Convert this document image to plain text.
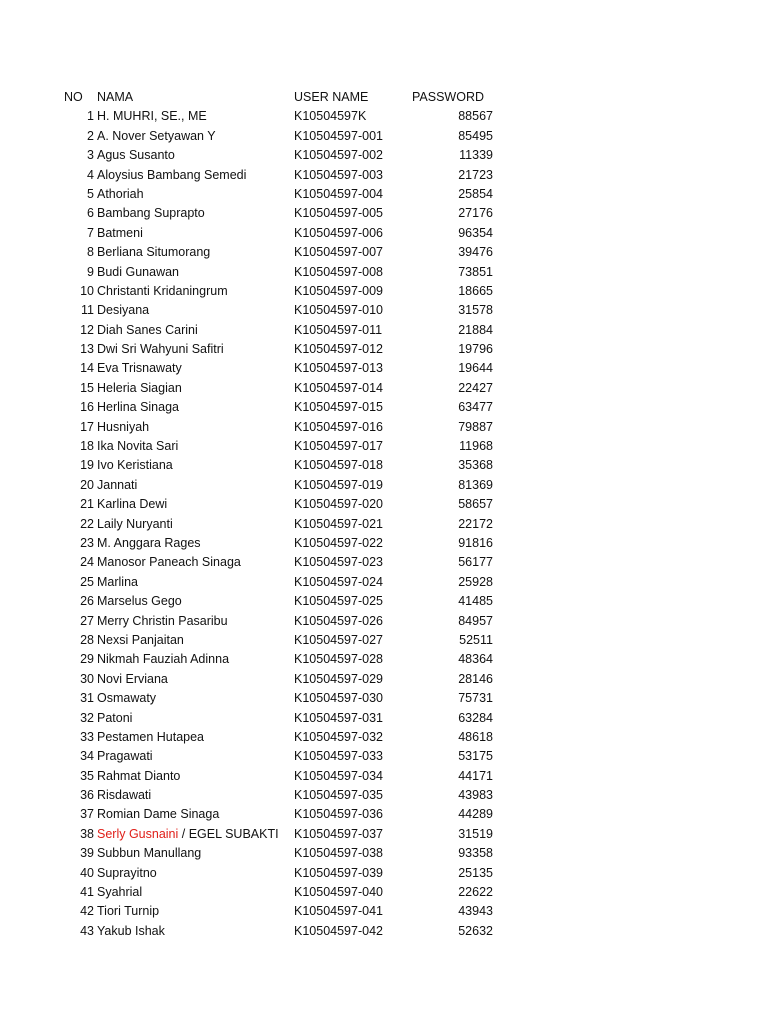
NO NAMA	USER NAME	PASSWORD
1 H. MUHRI, SE., ME	K10504597K	88567
2 A. Nover Setyawan Y	K10504597-001	85495
3 Agus Susanto	K10504597-002	11339
4 Aloysius Bambang Semedi	K10504597-003	21723
5 Athoriah	K10504597-004	25854
6 Bambang Suprapto	K10504597-005	27176
7 Batmeni	K10504597-006	96354
8 Berliana Situmorang	K10504597-007	39476
9 Budi Gunawan	K10504597-008	73851
10 Christanti Kridaningrum	K10504597-009	18665
11 Desiyana	K10504597-010	31578
12 Diah Sanes Carini	K10504597-011	21884
13 Dwi Sri Wahyuni Safitri	K10504597-012	19796
14 Eva Trisnawaty	K10504597-013	19644
15 Heleria Siagian	K10504597-014	22427
16 Herlina Sinaga	K10504597-015	63477
17 Husniyah	K10504597-016	79887
18 Ika Novita Sari	K10504597-017	11968
19 Ivo Keristiana	K10504597-018	35368
20 Jannati	K10504597-019	81369
21 Karlina Dewi	K10504597-020	58657
22 Laily Nuryanti	K10504597-021	22172
23 M. Anggara Rages	K10504597-022	91816
24 Manosor Paneach Sinaga	K10504597-023	56177
25 Marlina	K10504597-024	25928
26 Marselus Gego	K10504597-025	41485
27 Merry Christin Pasaribu	K10504597-026	84957
28 Nexsi Panjaitan	K10504597-027	52511
29 Nikmah Fauziah Adinna	K10504597-028	48364
30 Novi Erviana	K10504597-029	28146
31 Osmawaty	K10504597-030	75731
32 Patoni	K10504597-031	63284
33 Pestamen Hutapea	K10504597-032	48618
34 Pragawati	K10504597-033	53175
35 Rahmat Dianto	K10504597-034	44171
36 Risdawati	K10504597-035	43983
37 Romian Dame Sinaga	K10504597-036	44289
38 Serly Gusnaini / EGEL SUBAKTI K10504597-037	31519
39 Subbun Manullang	K10504597-038	93358
40 Suprayitno	K10504597-039	25135
41 Syahrial	K10504597-040	22622
42 Tiori Turnip	K10504597-041	43943
43 Yakub Ishak	K10504597-042	52632
